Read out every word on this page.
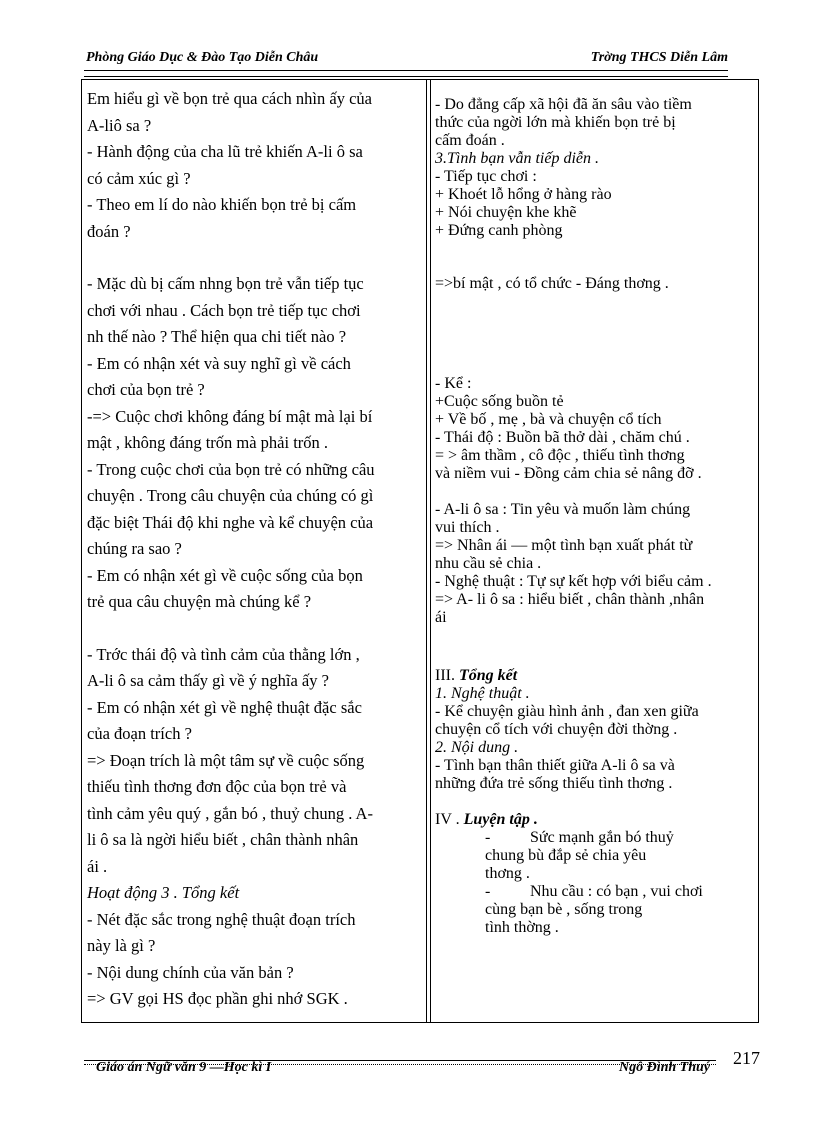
Phòng Giáo Dục & Đào Tạo Diễn Châu	Trờng THCS Diễn Lâm

Em hiểu gì về bọn trẻ qua cách nhìn ấy của

A-liô sa ?

- Hành động của cha lũ trẻ khiến A-li ô sa

có cảm xúc gì ?

- Theo em lí do nào khiến bọn trẻ bị cấm

đoán ?

- Mặc dù bị cấm nhng bọn trẻ vẫn tiếp tục

chơi với nhau . Cách bọn trẻ tiếp tục chơi

nh thế nào ? Thể hiện qua chi tiết nào ?

- Em có nhận xét và suy nghĩ gì về cách

chơi của bọn trẻ ?

-=> Cuộc chơi không đáng bí mật mà lại bí

mật , không đáng trốn mà phải trốn .

- Trong cuộc chơi của bọn trẻ có những câu

chuyện . Trong câu chuyện của chúng có gì

đặc biệt Thái độ khi nghe và kể chuyện của

chúng ra sao ?

- Em có nhận xét gì về cuộc sống của bọn

trẻ qua câu chuyện mà chúng kể ?

- Trớc thái độ và tình cảm của thằng lớn ,

A-li ô sa cảm thấy gì về ý nghĩa ấy ?

- Em có nhận xét gì về nghệ thuật đặc sắc

của đoạn trích ?

=> Đoạn trích là một tâm sự về cuộc sống

thiếu tình thơng đơn độc của bọn trẻ và

tình cảm yêu quý , gắn bó , thuỷ chung . A-

li ô sa là ngời hiểu biết , chân thành nhân

ái .

Hoạt động 3 . Tổng kết

- Nét đặc sắc trong nghệ thuật đoạn trích

này là gì ?

- Nội dung chính của văn bản ?

=> GV gọi HS đọc phần ghi nhớ SGK .

- Do đẳng cấp xã hội đã ăn sâu vào tiềm

thức của ngời lớn mà khiến bọn trẻ bị

cấm đoán .

3.Tình bạn vẫn tiếp diễn .

- Tiếp tục chơi :

+ Khoét lỗ hổng ở hàng rào

+ Nói chuyện khe khẽ

+ Đứng canh phòng

=>bí mật , có tổ chức - Đáng thơng .

- Kể :

+Cuộc sống buồn tẻ

+ Về bố , mẹ , bà và chuyện cổ tích

- Thái độ : Buồn bã thở dài , chăm chú .

= > âm thầm , cô độc , thiếu tình thơng

và niềm vui - Đồng cảm chia sẻ nâng đỡ .

- A-li ô sa : Tin yêu và muốn làm chúng

vui thích .

=> Nhân ái — một tình bạn xuất phát từ

nhu cầu sẻ chia .

- Nghệ thuật : Tự sự kết hợp với biểu cảm .

=> A- li ô sa : hiểu biết , chân thành ,nhân

ái

III. Tổng kết

1. Nghệ thuật .

- Kể chuyện giàu hình ảnh , đan xen giữa

chuyện cổ tích với chuyện đời thờng .

2. Nội dung .

- Tình bạn thân thiết giữa A-li ô sa và

những đứa trẻ sống thiếu tình thơng .

IV . Luyện tập .

- Sức mạnh gắn bó thuỷ

chung bù đắp sẻ chia yêu

thơng .

- Nhu cầu : có bạn , vui chơi

cùng bạn bè , sống trong

tình thờng .

Giáo án Ngữ văn 9 —Học kì I	Ngô Đình Thuý 217
